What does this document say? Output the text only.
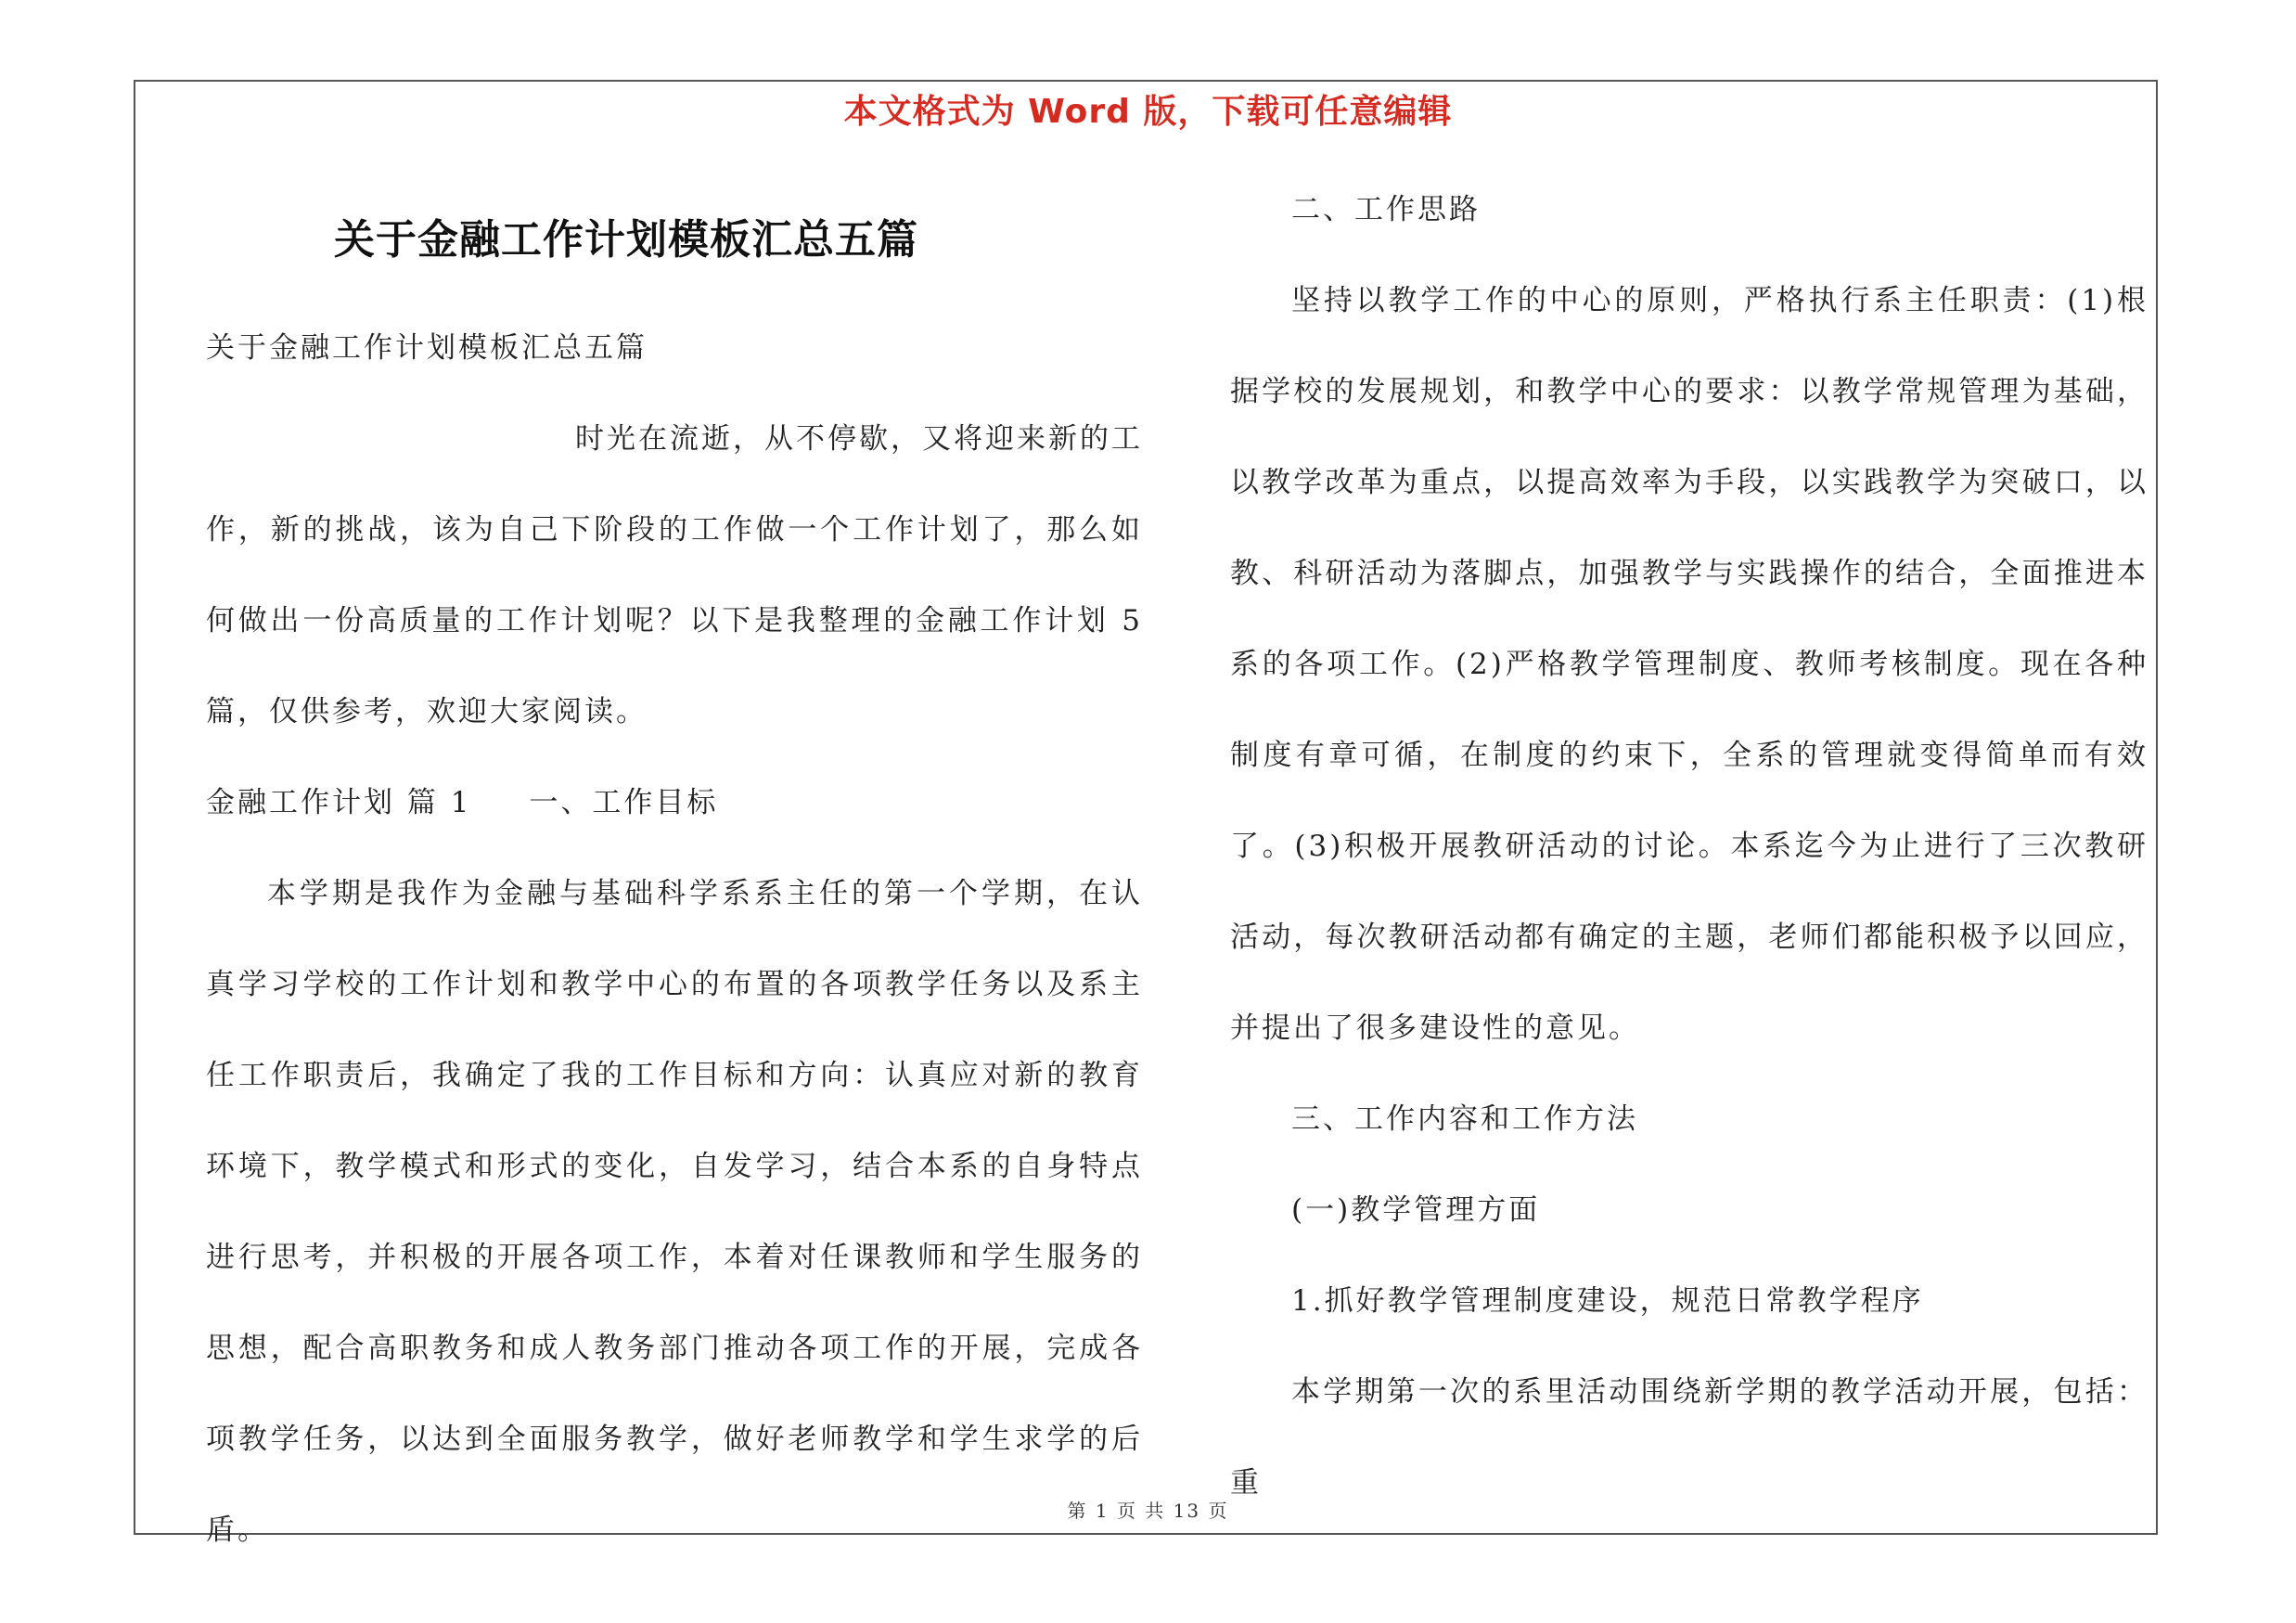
本文格式为 Word 版，下载可任意编辑
关于金融工作计划模板汇总五篇

关于金融工作计划模板汇总五篇

时光在流逝，从不停歇，又将迎来新的工作，新的挑战，该为自己下阶段的工作做一个工作计划了，那么如何做出一份高质量的工作计划呢？以下是我整理的金融工作计划 5 篇，仅供参考，欢迎大家阅读。

金融工作计划 篇 1 一、工作目标

本学期是我作为金融与基础科学系系主任的第一个学期，在认真学习学校的工作计划和教学中心的布置的各项教学任务以及系主任工作职责后，我确定了我的工作目标和方向：认真应对新的教育环境下，教学模式和形式的变化，自发学习，结合本系的自身特点进行思考，并积极的开展各项工作，本着对任课教师和学生服务的思想，配合高职教务和成人教务部门推动各项工作的开展，完成各项教学任务，以达到全面服务教学，做好老师教学和学生求学的后盾。

二、工作思路

坚持以教学工作的中心的原则，严格执行系主任职责：(1)根据学校的发展规划，和教学中心的要求：以教学常规管理为基础，以教学改革为重点，以提高效率为手段，以实践教学为突破口，以教、科研活动为落脚点，加强教学与实践操作的结合，全面推进本系的各项工作。(2)严格教学管理制度、教师考核制度。现在各种制度有章可循，在制度的约束下，全系的管理就变得简单而有效了。(3)积极开展教研活动的讨论。本系迄今为止进行了三次教研活动，每次教研活动都有确定的主题，老师们都能积极予以回应，并提出了很多建设性的意见。

三、工作内容和工作方法

(一)教学管理方面

1.抓好教学管理制度建设，规范日常教学程序

本学期第一次的系里活动围绕新学期的教学活动开展，包括：重

第 1 页 共 13 页
